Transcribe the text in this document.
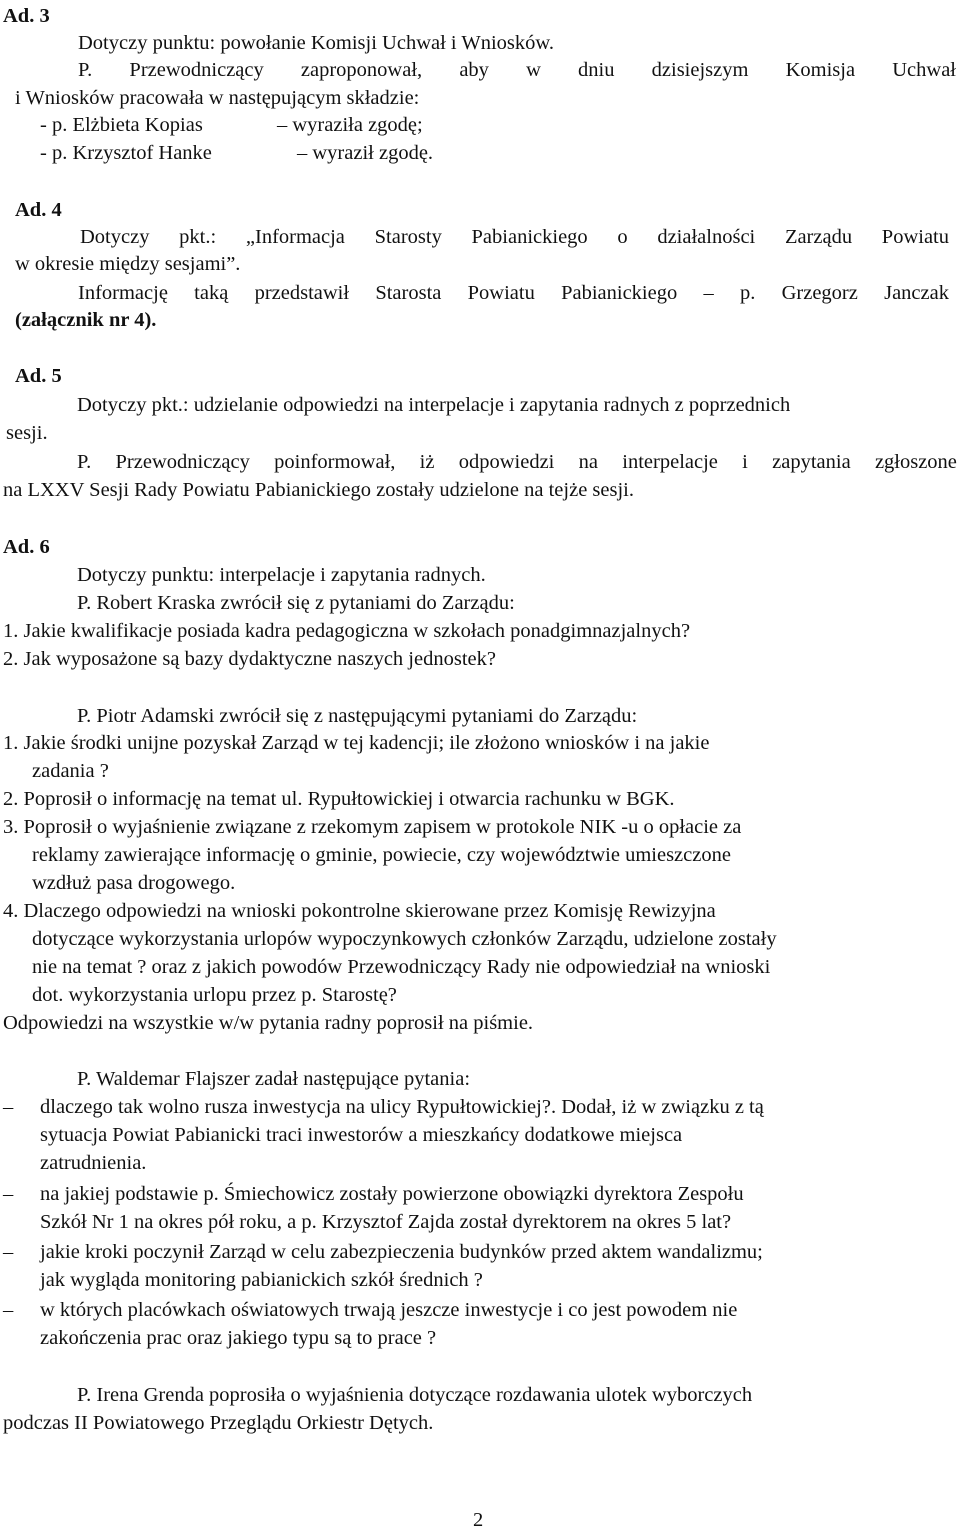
Ad. 3
Dotyczy punktu: powołanie Komisji Uchwał i Wniosków.
P. Przewodniczący zaproponował, aby w dniu dzisiejszym Komisja Uchwał
i Wniosków pracowała w następującym składzie:
- p. Elżbieta Kopias	– wyraziła zgodę;
- p. Krzysztof Hanke	– wyraził zgodę.
Ad. 4
Dotyczy pkt.: „Informacja Starosty Pabianickiego o działalności Zarządu Powiatu
w okresie między sesjami”.
Informację taką przedstawił Starosta Powiatu Pabianickiego – p. Grzegorz Janczak
(załącznik nr 4).
Ad. 5
Dotyczy pkt.: udzielanie odpowiedzi na interpelacje i zapytania radnych z poprzednich
sesji.
P. Przewodniczący poinformował, iż odpowiedzi na interpelacje i zapytania zgłoszone
na LXXV Sesji Rady Powiatu Pabianickiego zostały udzielone na tejże sesji.
Ad. 6
Dotyczy punktu: interpelacje i zapytania radnych.
P. Robert Kraska zwrócił się z pytaniami do Zarządu:
1. Jakie kwalifikacje posiada kadra pedagogiczna w szkołach ponadgimnazjalnych?
2. Jak wyposażone są bazy dydaktyczne naszych jednostek?
P. Piotr Adamski zwrócił się z następującymi pytaniami do Zarządu:
1. Jakie środki unijne pozyskał Zarząd w tej kadencji; ile złożono wniosków i na jakie
zadania ?
2. Poprosił o informację na temat ul. Rypułtowickiej i otwarcia rachunku w BGK.
3. Poprosił o wyjaśnienie związane z rzekomym zapisem w protokole NIK -u o opłacie za
reklamy zawierające informację o gminie, powiecie, czy województwie umieszczone
wzdłuż pasa drogowego.
4. Dlaczego odpowiedzi na wnioski pokontrolne skierowane przez Komisję Rewizyjna
dotyczące wykorzystania urlopów wypoczynkowych członków Zarządu, udzielone zostały
nie na temat ? oraz z jakich powodów Przewodniczący Rady nie odpowiedział na wnioski
dot. wykorzystania urlopu przez p. Starostę?
Odpowiedzi na wszystkie w/w pytania radny poprosił na piśmie.
P. Waldemar Flajszer zadał następujące pytania:
– dlaczego tak wolno rusza inwestycja na ulicy Rypułtowickiej?. Dodał, iż w związku z tą
sytuacja Powiat Pabianicki traci inwestorów a mieszkańcy dodatkowe miejsca
zatrudnienia.
– na jakiej podstawie p. Śmiechowicz zostały powierzone obowiązki dyrektora Zespołu
Szkół Nr 1 na okres pół roku, a p. Krzysztof Zajda został dyrektorem na okres 5 lat?
– jakie kroki poczynił Zarząd w celu zabezpieczenia budynków przed aktem wandalizmu;
jak wygląda monitoring pabianickich szkół średnich ?
– w których placówkach oświatowych trwają jeszcze inwestycje i co jest powodem nie
zakończenia prac oraz jakiego typu są to prace ?
P. Irena Grenda poprosiła o wyjaśnienia dotyczące rozdawania ulotek wyborczych
podczas II Powiatowego Przeglądu Orkiestr Dętych.
2
